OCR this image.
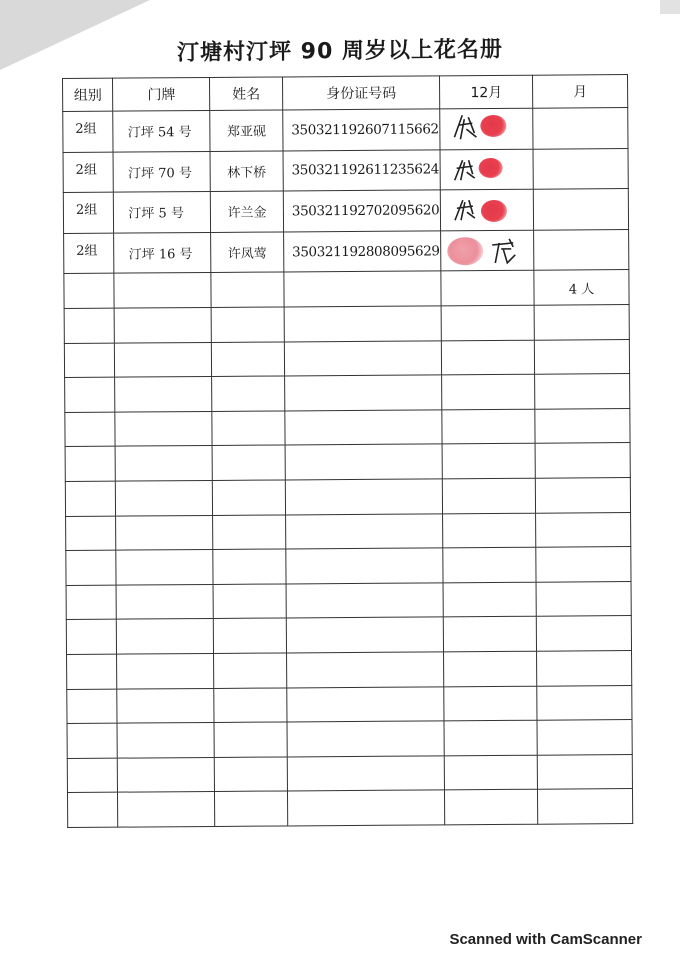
汀塘村汀坪 90 周岁以上花名册
组别	门牌	姓名	身份证号码	12月	月
2组	汀坪 54 号	郑亚砚	350321192607115662	

2组	汀坪 70 号	林下桥	350321192611235624	

2组	汀坪 5 号	许兰金	350321192702095620	

2组	汀坪 16 号	许凤莺	350321192808095629	

					4 人

Scanned with CamScanner
